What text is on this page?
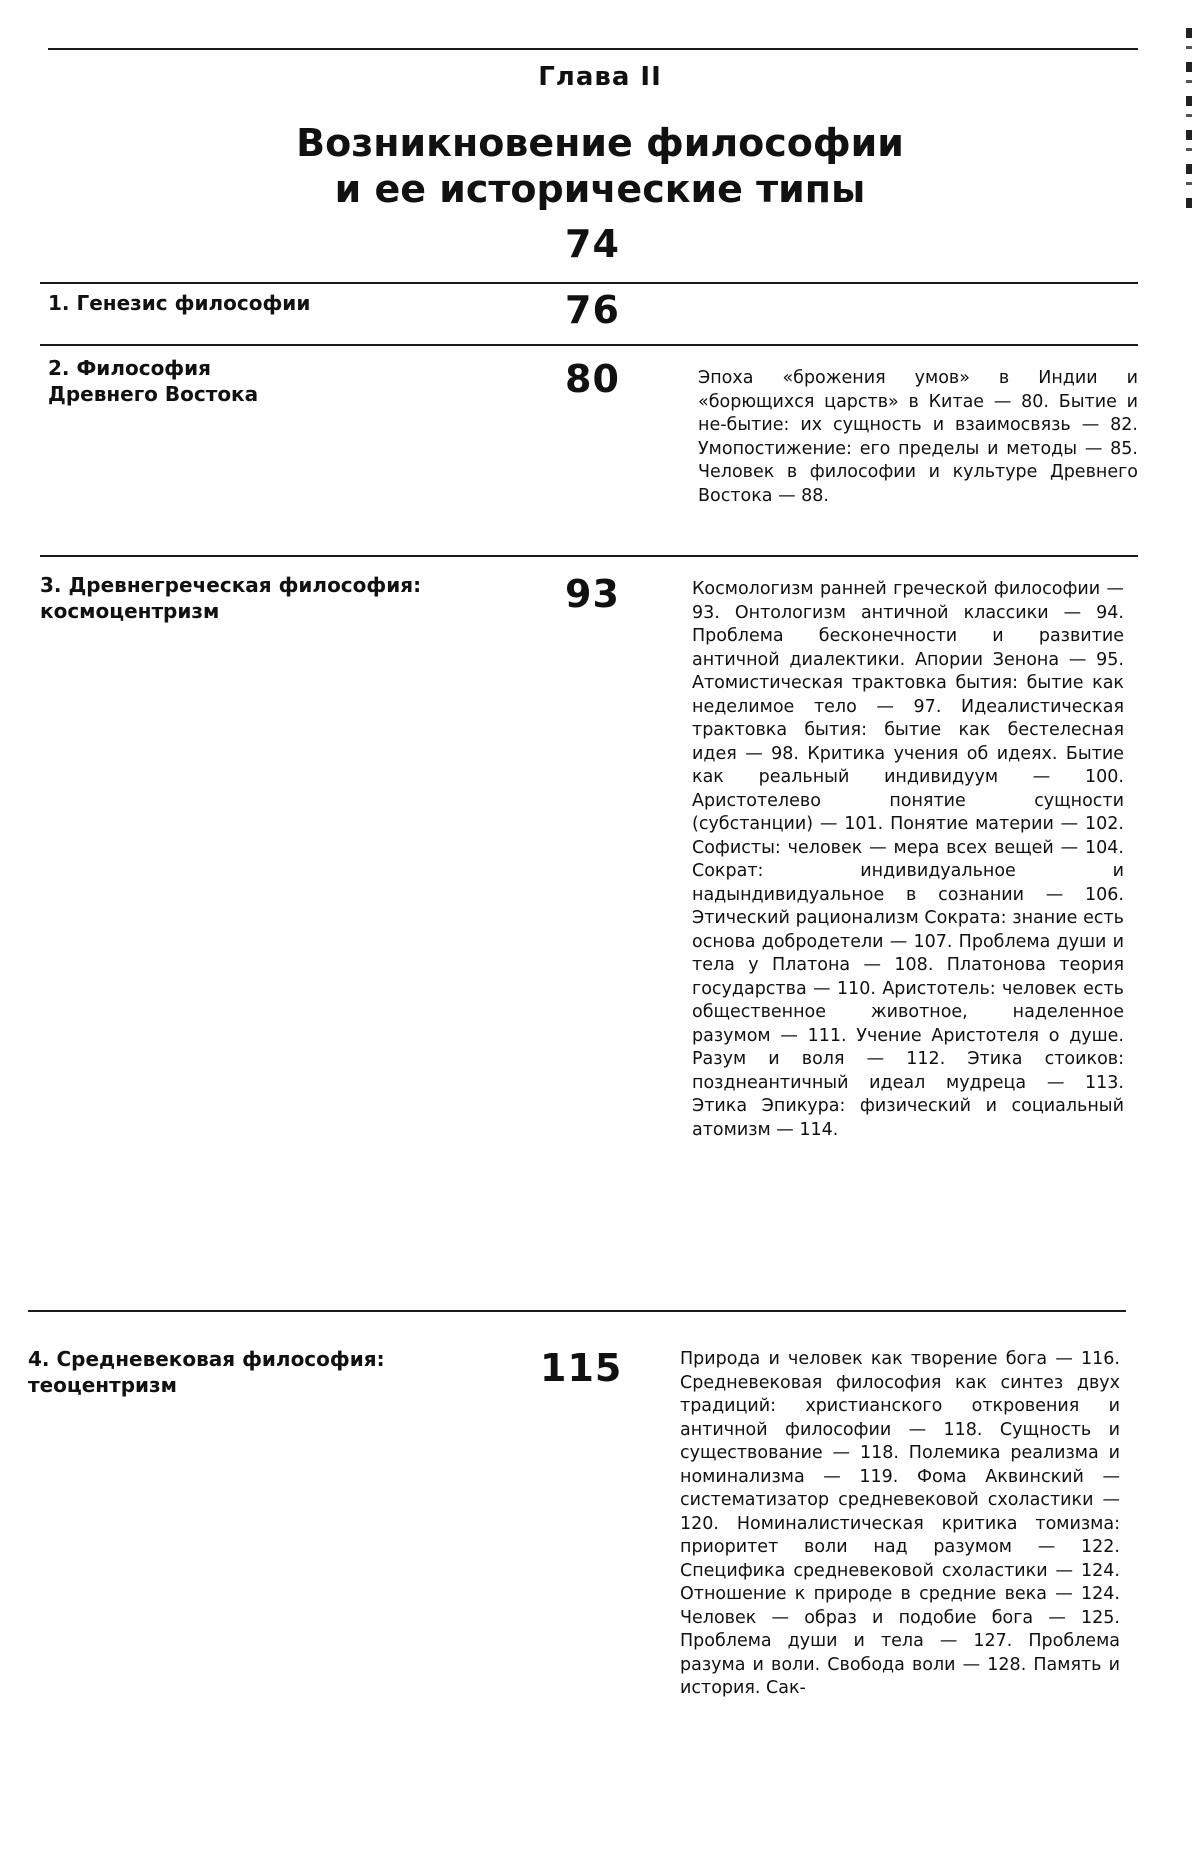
Глава II
Возникновение философии
и ее исторические типы
74
1. Генезис философии	76
2. Философия Древнего Востока	80	Эпоха «брожения умов» в Индии и «борющихся царств» в Китае — 80. Бытие и не-бытие: их сущность и взаимосвязь — 82. Умопостижение: его пределы и методы — 85. Человек в философии и культуре Древнего Востока — 88.
3. Древнегреческая философия: космоцентризм	93	Космологизм ранней греческой философии — 93. Онтологизм античной классики — 94. Проблема бесконечности и развитие античной диалектики. Апории Зенона — 95. Атомистическая трактовка бытия: бытие как неделимое тело — 97. Идеалистическая трактовка бытия: бытие как бестелесная идея — 98. Критика учения об идеях. Бытие как реальный индивидуум — 100. Аристотелево понятие сущности (субстанции) — 101. Понятие материи — 102. Софисты: человек — мера всех вещей — 104. Сократ: индивидуальное и надындивидуальное в сознании — 106. Этический рационализм Сократа: знание есть основа добродетели — 107. Проблема души и тела у Платона — 108. Платонова теория государства — 110. Аристотель: человек есть общественное животное, наделенное разумом — 111. Учение Аристотеля о душе. Разум и воля — 112. Этика стоиков: позднеантичный идеал мудреца — 113. Этика Эпикура: физический и социальный атомизм — 114.
4. Средневековая философия: теоцентризм	115	Природа и человек как творение бога — 116. Средневековая философия как синтез двух традиций: христианского откровения и античной философии — 118. Сущность и существование — 118. Полемика реализма и номинализма — 119. Фома Аквинский — систематизатор средневековой схоластики — 120. Номиналистическая критика томизма: приоритет воли над разумом — 122. Специфика средневековой схоластики — 124. Отношение к природе в средние века — 124. Человек — образ и подобие бога — 125. Проблема души и тела — 127. Проблема разума и воли. Свобода воли — 128. Память и история. Сак-
